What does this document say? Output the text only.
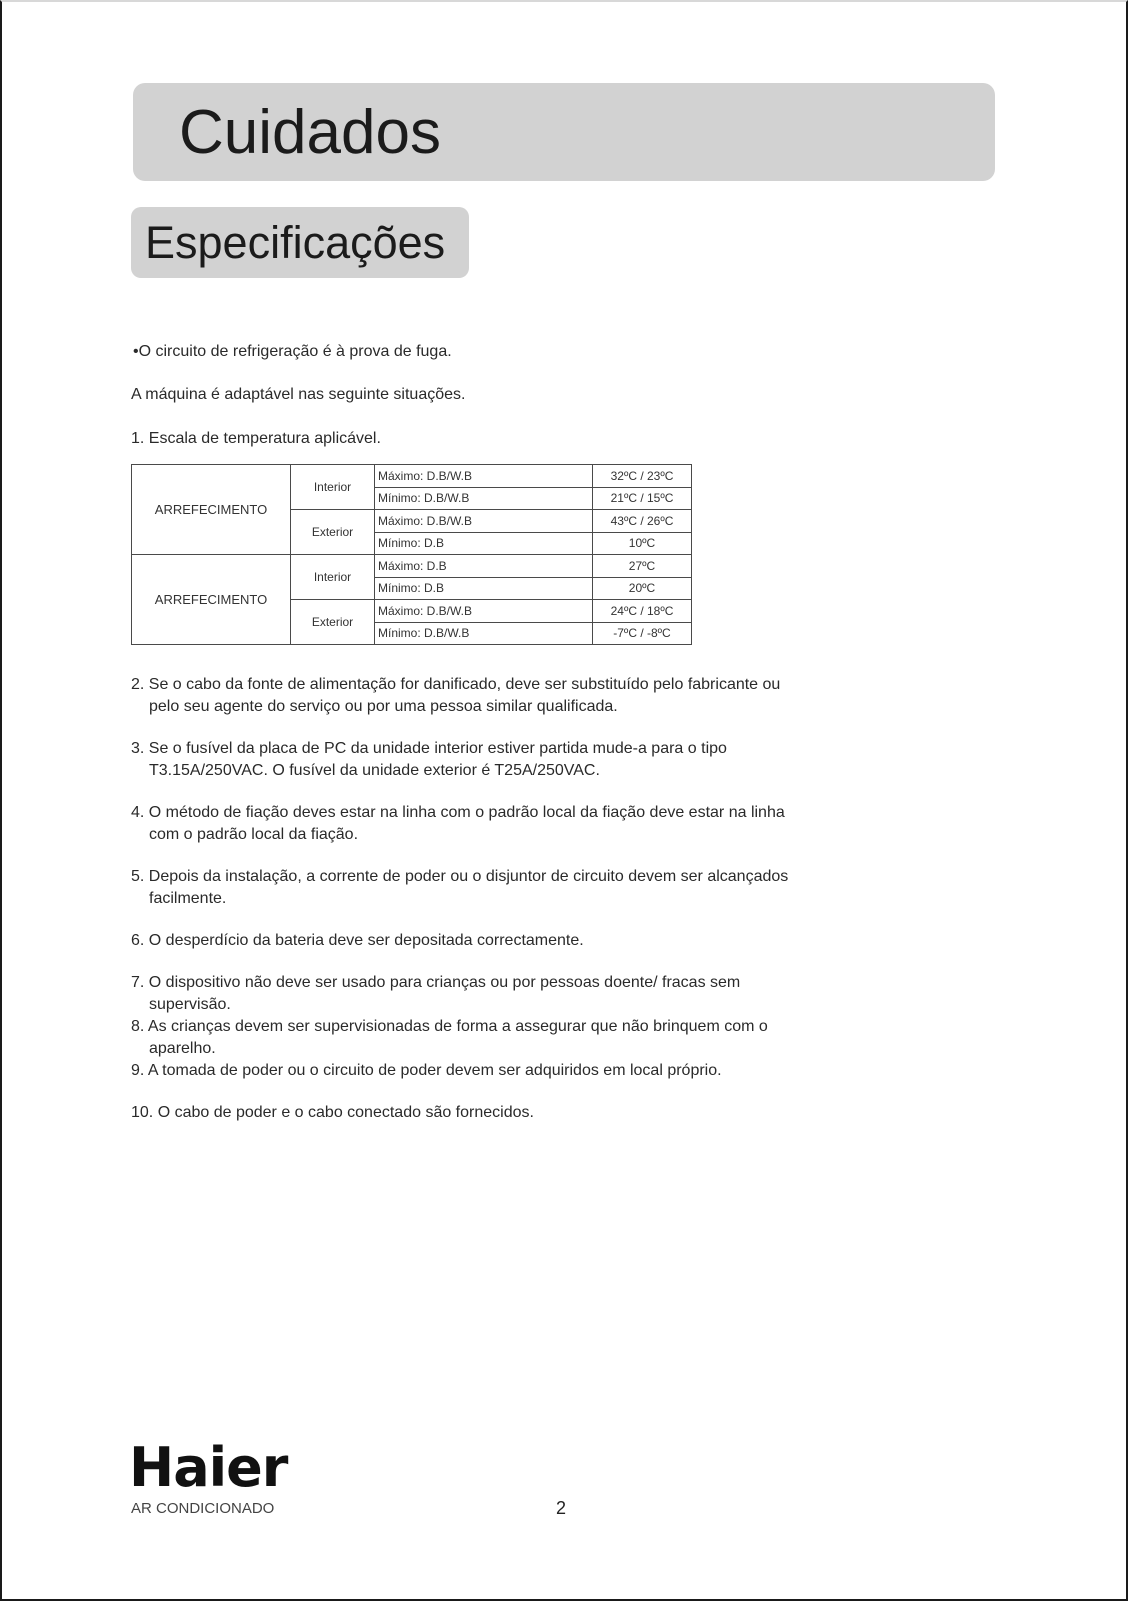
Cuidados
Especificações
•O circuito de refrigeração é à prova de fuga.
A máquina é adaptável nas seguinte situações.
1. Escala de temperatura aplicável.
ARREFECIMENTO	Interior	Máximo: D.B/W.B	32ºC / 23ºC
		Mínimo: D.B/W.B	21ºC / 15ºC
	Exterior	Máximo: D.B/W.B	43ºC / 26ºC
		Mínimo: D.B	10ºC
ARREFECIMENTO	Interior	Máximo: D.B	27ºC
		Mínimo: D.B	20ºC
	Exterior	Máximo: D.B/W.B	24ºC / 18ºC
		Mínimo: D.B/W.B	-7ºC / -8ºC
2. Se o cabo da fonte de alimentação for danificado, deve ser substituído pelo fabricante ou
pelo seu agente do serviço ou por uma pessoa similar qualificada.
3. Se o fusível da placa de PC da unidade interior estiver partida mude-a para o tipo
T3.15A/250VAC. O fusível da unidade exterior é T25A/250VAC.
4. O método de fiação deves estar na linha com o padrão local da fiação deve estar na linha
com o padrão local da fiação.
5. Depois da instalação, a corrente de poder ou o disjuntor de circuito devem ser alcançados
facilmente.
6. O desperdício da bateria deve ser depositada correctamente.
7. O dispositivo não deve ser usado para crianças ou por pessoas doente/ fracas sem
supervisão.
8. As crianças devem ser supervisionadas de forma a assegurar que não brinquem com o
aparelho.
9. A tomada de poder ou o circuito de poder devem ser adquiridos em local próprio.
10. O cabo de poder e o cabo conectado são fornecidos.
Haier
AR CONDICIONADO	2
